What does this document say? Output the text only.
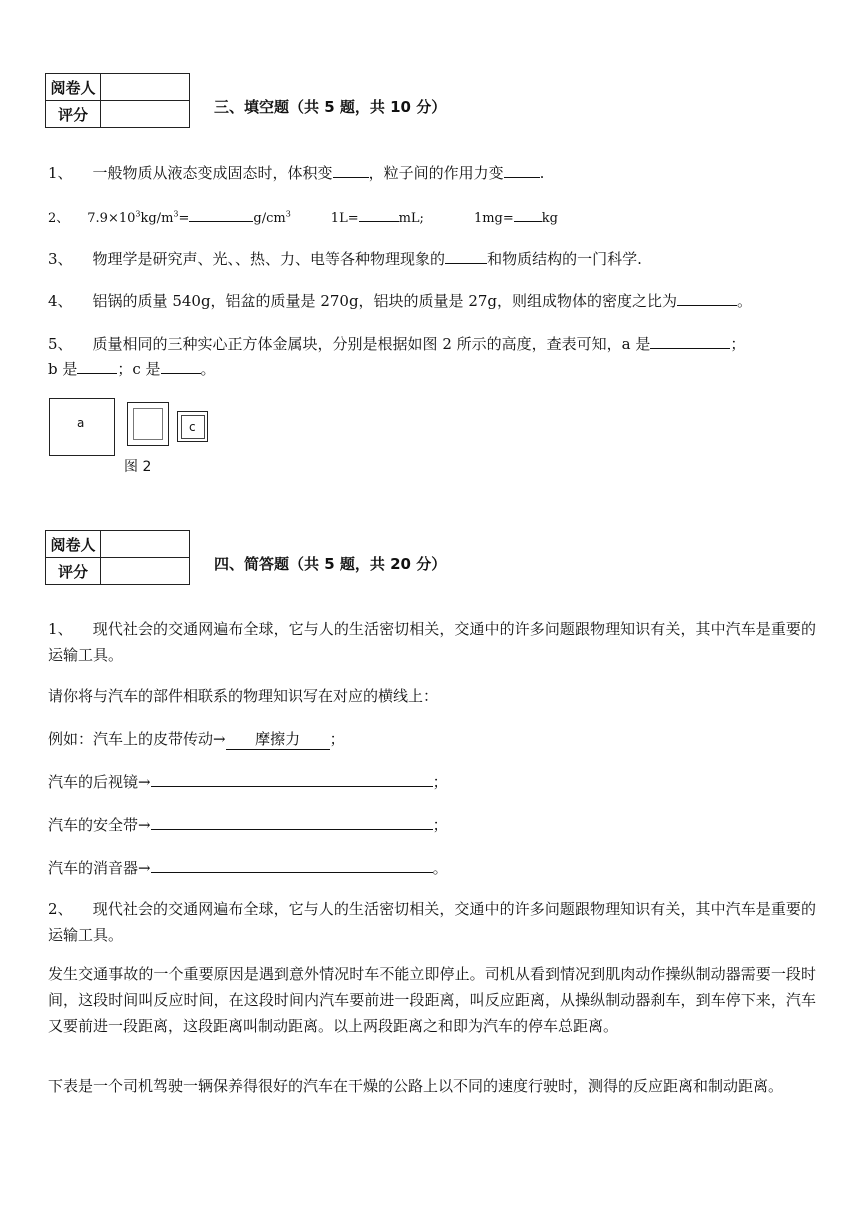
阅卷人	
评分		三、填空题（共 5 题，共 10 分）
1、 一般物质从液态变成固态时，体积变 ，粒子间的作用力变 .
2、 $7.9\times 10^3kg/m^3=$	$g/cm^3$	1L=	mL;	1mg= kg
3、 物理学是研究声、光、、热、力、电等各种物理现象的	和物质结构的一门科学.
4、 铝锅的质量 540g，铝盆的质量是 270g，铝块的质量是 27g，则组成物体的密度之比为	。
5、 质量相同的三种实心正方体金属块，分别是根据如图 2 所示的高度，查表可知，a 是	；
b 是	；c 是	。
a	c
图 2
阅卷人	
评分		四、简答题（共 5 题，共 20 分）
1、 现代社会的交通网遍布全球，它与人的生活密切相关，交通中的许多问题跟物理知识有关，其中汽车是重要的运输工具。
请你将与汽车的部件相联系的物理知识写在对应的横线上：
例如：汽车上的皮带传动→ 摩擦力 ；
汽车的后视镜→	；
汽车的安全带→	；
汽车的消音器→	。
2、 现代社会的交通网遍布全球，它与人的生活密切相关，交通中的许多问题跟物理知识有关，其中汽车是重要的运输工具。
发生交通事故的一个重要原因是遇到意外情况时车不能立即停止。司机从看到情况到肌肉动作操纵制动器需要一段时间，这段时间叫反应时间，在这段时间内汽车要前进一段距离，叫反应距离，从操纵制动器刹车，到车停下来，汽车又要前进一段距离，这段距离叫制动距离。以上两段距离之和即为汽车的停车总距离。
下表是一个司机驾驶一辆保养得很好的汽车在干燥的公路上以不同的速度行驶时，测得的反应距离和制动距离。
